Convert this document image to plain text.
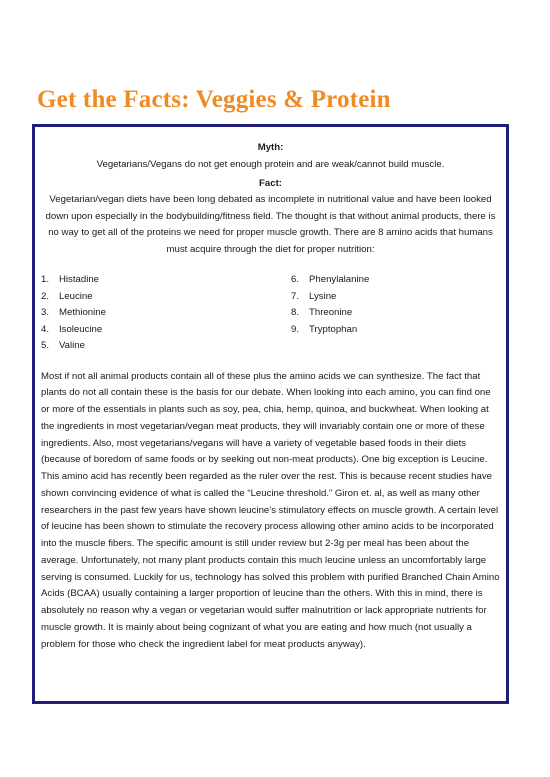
Get the Facts: Veggies & Protein

Myth:

Vegetarians/Vegans do not get enough protein and are weak/cannot build muscle.

Fact:

Vegetarian/vegan diets have been long debated as incomplete in nutritional value and have been looked down upon especially in the bodybuilding/fitness field. The thought is that without animal products, there is no way to get all of the proteins we need for proper muscle growth. There are 8 amino acids that humans must acquire through the diet for proper nutrition:

1.	Histadine
2.	Leucine
3.	Methionine
4.	Isoleucine
5.	Valine
6.	Phenylalanine
7.	Lysine
8.	Threonine
9.	Tryptophan

Most if not all animal products contain all of these plus the amino acids we can synthesize. The fact that plants do not all contain these is the basis for our debate. When looking into each amino, you can find one or more of the essentials in plants such as soy, pea, chia, hemp, quinoa, and buckwheat. When looking at the ingredients in most vegetarian/vegan meat products, they will invariably contain one or more of these ingredients. Also, most vegetarians/vegans will have a variety of vegetable based foods in their diets (because of boredom of same foods or by seeking out non-meat products). One big exception is Leucine. This amino acid has recently been regarded as the ruler over the rest. This is because recent studies have shown convincing evidence of what is called the “Leucine threshold.” Giron et. al, as well as many other researchers in the past few years have shown leucine’s stimulatory effects on muscle growth. A certain level of leucine has been shown to stimulate the recovery process allowing other amino acids to be incorporated into the muscle fibers. The specific amount is still under review but 2-3g per meal has been about the average. Unfortunately, not many plant products contain this much leucine unless an uncomfortably large serving is consumed. Luckily for us, technology has solved this problem with purified Branched Chain Amino Acids (BCAA) usually containing a larger proportion of leucine than the others. With this in mind, there is absolutely no reason why a vegan or vegetarian would suffer malnutrition or lack appropriate nutrients for muscle growth. It is mainly about being cognizant of what you are eating and how much (not usually a problem for those who check the ingredient label for meat products anyway).
